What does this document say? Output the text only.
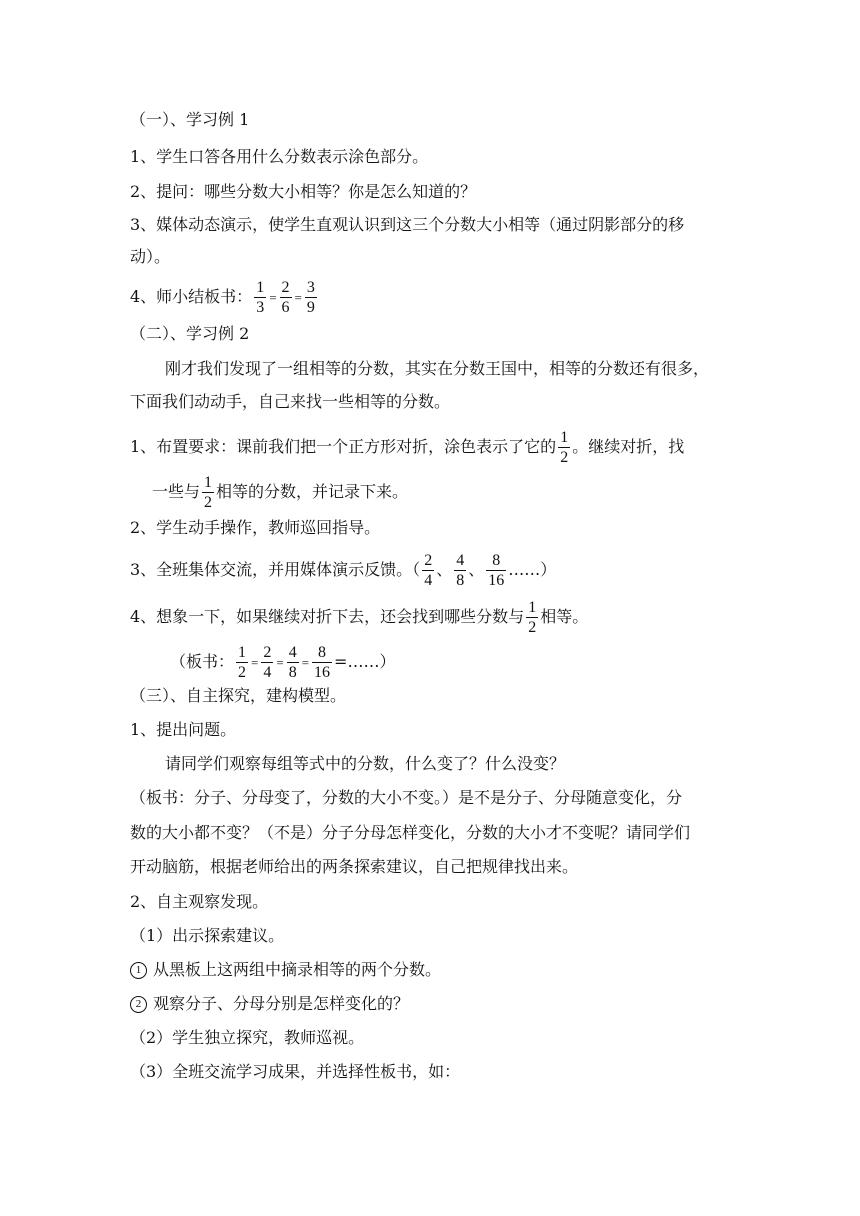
（一）、学习例 1
1、学生口答各用什么分数表示涂色部分。
2、提问：哪些分数大小相等？你是怎么知道的？
3、媒体动态演示，使学生直观认识到这三个分数大小相等（通过阴影部分的移
动）。
4、师小结板书： $\frac{1}{3} = \frac{2}{6} = \frac{3}{9}$
（二）、学习例 2
刚才我们发现了一组相等的分数，其实在分数王国中，相等的分数还有很多，
下面我们动动手，自己来找一些相等的分数。
1、布置要求：课前我们把一个正方形对折，涂色表示了它的 $\frac{1}{2}$ 。继续对折，找
一些与 $\frac{1}{2}$ 相等的分数，并记录下来。
2、学生动手操作，教师巡回指导。
3、全班集体交流，并用媒体演示反馈。（ $\frac{2}{4}$ 、 $\frac{4}{8}$ 、 $\frac{8}{16}$ ……）
4、想象一下，如果继续对折下去，还会找到哪些分数与 $\frac{1}{2}$ 相等。
（板书： $\frac{1}{2} = \frac{2}{4} = \frac{4}{8} = \frac{8}{16}$ =……）
（三）、自主探究，建构模型。
1、提出问题。
请同学们观察每组等式中的分数，什么变了？什么没变？
（板书：分子、分母变了，分数的大小不变。）是不是分子、分母随意变化，分
数的大小都不变？（不是）分子分母怎样变化，分数的大小才不变呢？请同学们
开动脑筋，根据老师给出的两条探索建议，自己把规律找出来。
2、自主观察发现。
（1）出示探索建议。
1 从黑板上这两组中摘录相等的两个分数。
2 观察分子、分母分别是怎样变化的？
（2）学生独立探究，教师巡视。
（3）全班交流学习成果，并选择性板书，如：
